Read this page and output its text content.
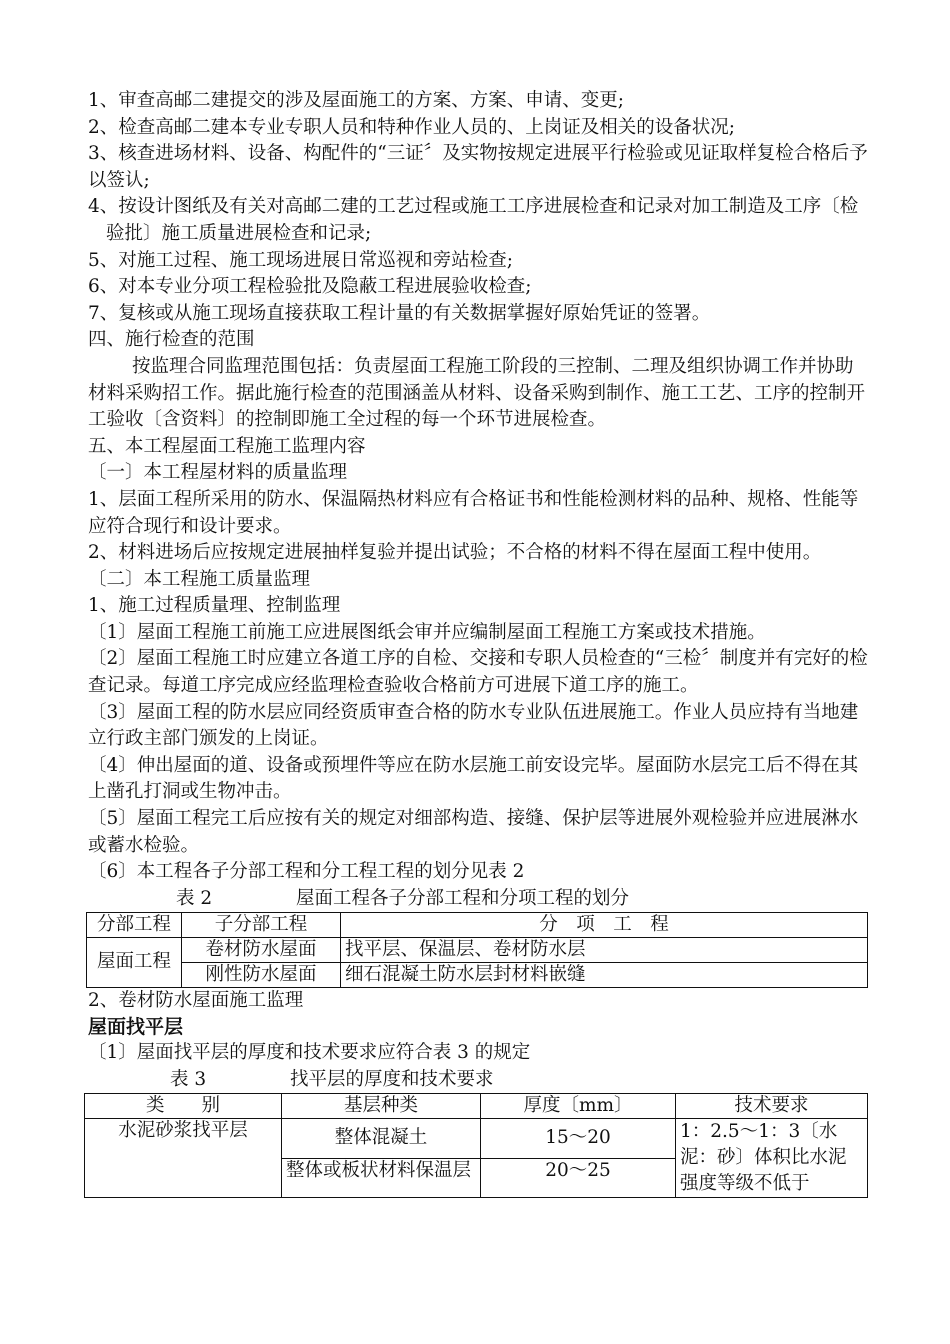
1、审查高邮二建提交的涉及屋面施工的方案、方案、申请、变更;

2、检查高邮二建本专业专职人员和特种作业人员的、上岗证及相关的设备状况;

3、核查进场材料、设备、构配件的“三证〞及实物按规定进展平行检验或见证取样复检合格后予以签认;

4、按设计图纸及有关对高邮二建的工艺过程或施工工序进展检查和记录对加工制造及工序〔检验批〕施工质量进展检查和记录;

5、对施工过程、施工现场进展日常巡视和旁站检查;

6、对本专业分项工程检验批及隐蔽工程进展验收检查;

7、复核或从施工现场直接获取工程计量的有关数据掌握好原始凭证的签署。

四、施行检查的范围

按监理合同监理范围包括：负责屋面工程施工阶段的三控制、二理及组织协调工作并协助材料采购招工作。据此施行检查的范围涵盖从材料、设备采购到制作、施工工艺、工序的控制开工验收〔含资料〕的控制即施工全过程的每一个环节进展检查。

五、本工程屋面工程施工监理内容

〔一〕本工程屋材料的质量监理

1、层面工程所采用的防水、保温隔热材料应有合格证书和性能检测材料的品种、规格、性能等应符合现行和设计要求。

2、材料进场后应按规定进展抽样复验并提出试验；不合格的材料不得在屋面工程中使用。

〔二〕本工程施工质量监理

1、施工过程质量理、控制监理

〔1〕屋面工程施工前施工应进展图纸会审并应编制屋面工程施工方案或技术措施。

〔2〕屋面工程施工时应建立各道工序的自检、交接和专职人员检查的“三检〞制度并有完好的检查记录。每道工序完成应经监理检查验收合格前方可进展下道工序的施工。

〔3〕屋面工程的防水层应同经资质审查合格的防水专业队伍进展施工。作业人员应持有当地建立行政主部门颁发的上岗证。

〔4〕伸出屋面的道、设备或预埋件等应在防水层施工前安设完毕。屋面防水层完工后不得在其上凿孔打洞或生物冲击。

〔5〕屋面工程完工后应按有关的规定对细部构造、接缝、保护层等进展外观检验并应进展淋水或蓄水检验。

〔6〕本工程各子分部工程和分工程工程的划分见表 2

表 2	屋面工程各子分部工程和分项工程的划分

分部工程	子分部工程	分　项　工　程
屋面工程	卷材防水屋面	找平层、保温层、卷材防水层
	刚性防水屋面	细石混凝土防水层封材料嵌缝

2、卷材防水屋面施工监理

屋面找平层

〔1〕屋面找平层的厚度和技术要求应符合表 3 的规定

表 3	找平层的厚度和技术要求

类　　别	基层种类	厚度〔mm〕	技术要求
水泥砂浆找平层	整体混凝土	15～20	1：2.5～1：3〔水泥：砂〕体积比水泥强度等级不低于
	整体或板状材料保温层	20～25	
